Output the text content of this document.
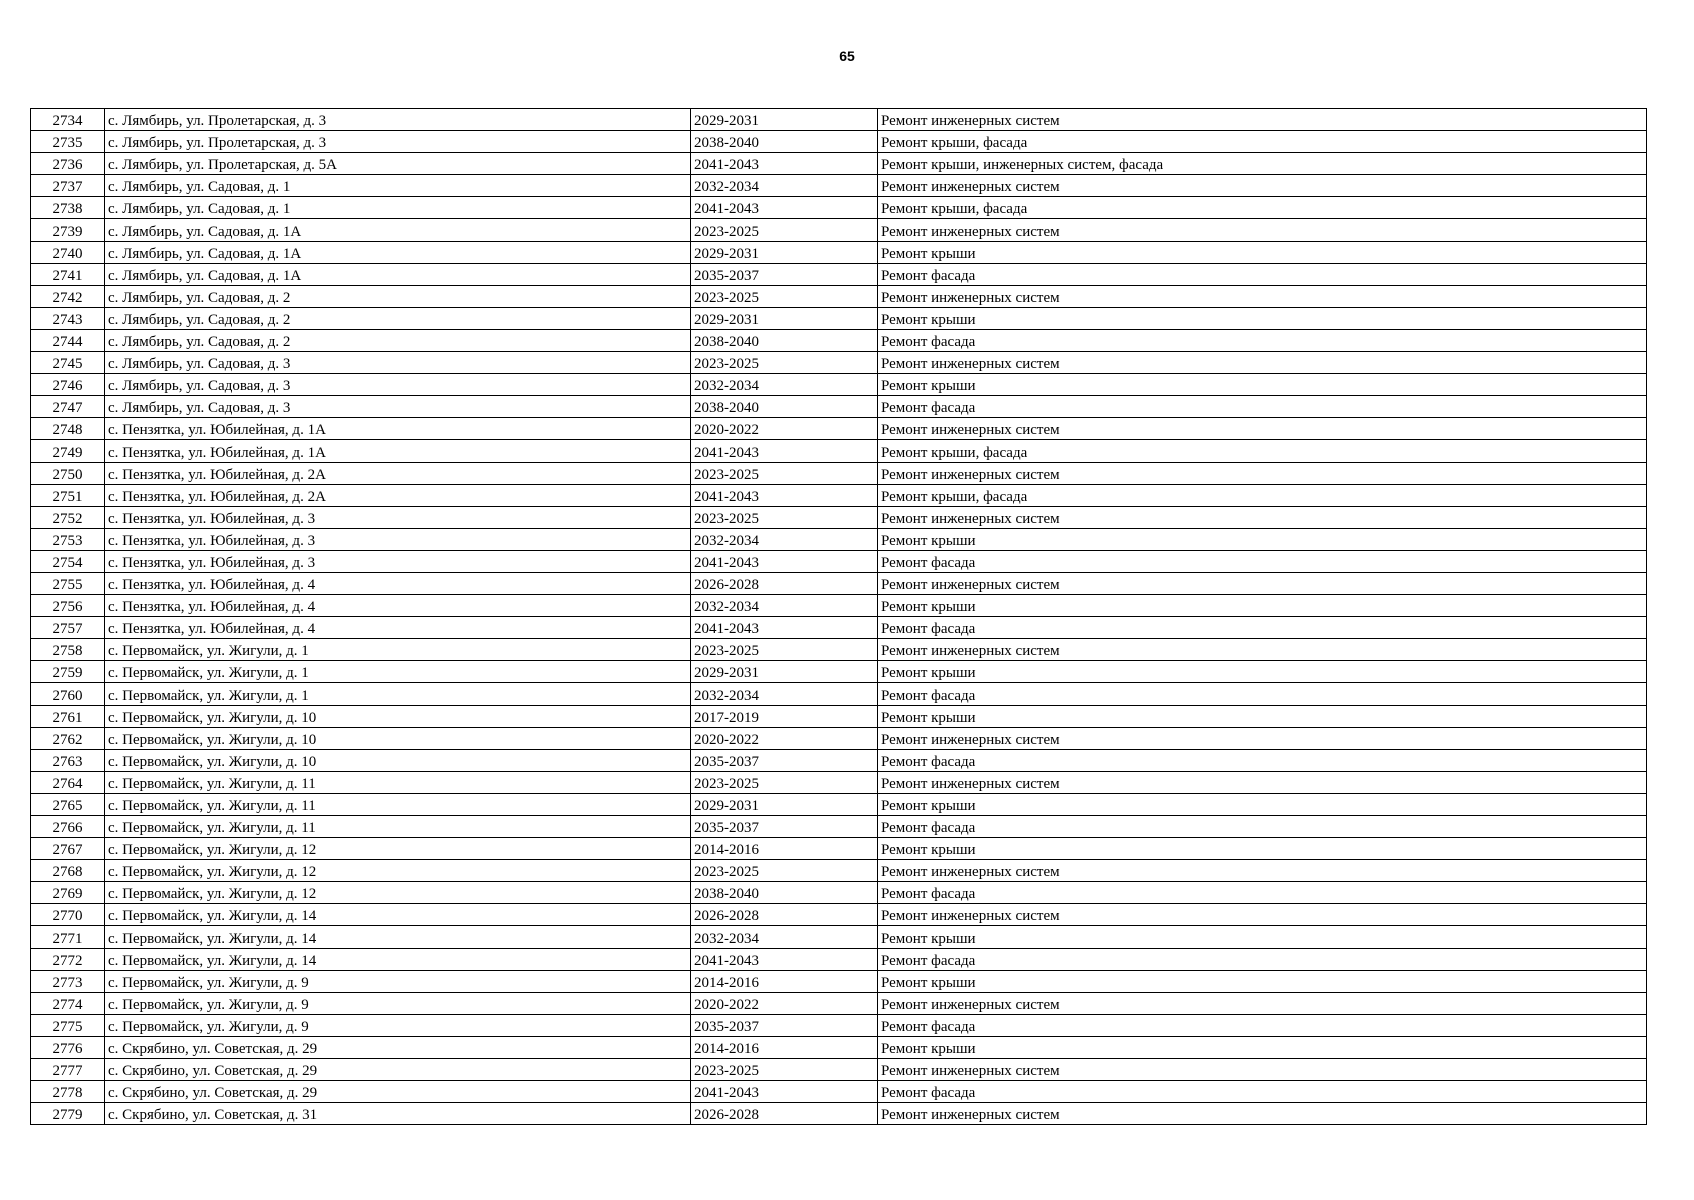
65
2734	с. Лямбирь, ул. Пролетарская, д. 3	2029-2031	Ремонт инженерных систем
2735	с. Лямбирь, ул. Пролетарская, д. 3	2038-2040	Ремонт крыши, фасада
2736	с. Лямбирь, ул. Пролетарская, д. 5А	2041-2043	Ремонт крыши, инженерных систем, фасада
2737	с. Лямбирь, ул. Садовая, д. 1	2032-2034	Ремонт инженерных систем
2738	с. Лямбирь, ул. Садовая, д. 1	2041-2043	Ремонт крыши, фасада
2739	с. Лямбирь, ул. Садовая, д. 1А	2023-2025	Ремонт инженерных систем
2740	с. Лямбирь, ул. Садовая, д. 1А	2029-2031	Ремонт крыши
2741	с. Лямбирь, ул. Садовая, д. 1А	2035-2037	Ремонт фасада
2742	с. Лямбирь, ул. Садовая, д. 2	2023-2025	Ремонт инженерных систем
2743	с. Лямбирь, ул. Садовая, д. 2	2029-2031	Ремонт крыши
2744	с. Лямбирь, ул. Садовая, д. 2	2038-2040	Ремонт фасада
2745	с. Лямбирь, ул. Садовая, д. 3	2023-2025	Ремонт инженерных систем
2746	с. Лямбирь, ул. Садовая, д. 3	2032-2034	Ремонт крыши
2747	с. Лямбирь, ул. Садовая, д. 3	2038-2040	Ремонт фасада
2748	с. Пензятка, ул. Юбилейная, д. 1А	2020-2022	Ремонт инженерных систем
2749	с. Пензятка, ул. Юбилейная, д. 1А	2041-2043	Ремонт крыши, фасада
2750	с. Пензятка, ул. Юбилейная, д. 2А	2023-2025	Ремонт инженерных систем
2751	с. Пензятка, ул. Юбилейная, д. 2А	2041-2043	Ремонт крыши, фасада
2752	с. Пензятка, ул. Юбилейная, д. 3	2023-2025	Ремонт инженерных систем
2753	с. Пензятка, ул. Юбилейная, д. 3	2032-2034	Ремонт крыши
2754	с. Пензятка, ул. Юбилейная, д. 3	2041-2043	Ремонт фасада
2755	с. Пензятка, ул. Юбилейная, д. 4	2026-2028	Ремонт инженерных систем
2756	с. Пензятка, ул. Юбилейная, д. 4	2032-2034	Ремонт крыши
2757	с. Пензятка, ул. Юбилейная, д. 4	2041-2043	Ремонт фасада
2758	с. Первомайск, ул. Жигули, д. 1	2023-2025	Ремонт инженерных систем
2759	с. Первомайск, ул. Жигули, д. 1	2029-2031	Ремонт крыши
2760	с. Первомайск, ул. Жигули, д. 1	2032-2034	Ремонт фасада
2761	с. Первомайск, ул. Жигули, д. 10	2017-2019	Ремонт крыши
2762	с. Первомайск, ул. Жигули, д. 10	2020-2022	Ремонт инженерных систем
2763	с. Первомайск, ул. Жигули, д. 10	2035-2037	Ремонт фасада
2764	с. Первомайск, ул. Жигули, д. 11	2023-2025	Ремонт инженерных систем
2765	с. Первомайск, ул. Жигули, д. 11	2029-2031	Ремонт крыши
2766	с. Первомайск, ул. Жигули, д. 11	2035-2037	Ремонт фасада
2767	с. Первомайск, ул. Жигули, д. 12	2014-2016	Ремонт крыши
2768	с. Первомайск, ул. Жигули, д. 12	2023-2025	Ремонт инженерных систем
2769	с. Первомайск, ул. Жигули, д. 12	2038-2040	Ремонт фасада
2770	с. Первомайск, ул. Жигули, д. 14	2026-2028	Ремонт инженерных систем
2771	с. Первомайск, ул. Жигули, д. 14	2032-2034	Ремонт крыши
2772	с. Первомайск, ул. Жигули, д. 14	2041-2043	Ремонт фасада
2773	с. Первомайск, ул. Жигули, д. 9	2014-2016	Ремонт крыши
2774	с. Первомайск, ул. Жигули, д. 9	2020-2022	Ремонт инженерных систем
2775	с. Первомайск, ул. Жигули, д. 9	2035-2037	Ремонт фасада
2776	с. Скрябино, ул. Советская, д. 29	2014-2016	Ремонт крыши
2777	с. Скрябино, ул. Советская, д. 29	2023-2025	Ремонт инженерных систем
2778	с. Скрябино, ул. Советская, д. 29	2041-2043	Ремонт фасада
2779	с. Скрябино, ул. Советская, д. 31	2026-2028	Ремонт инженерных систем
